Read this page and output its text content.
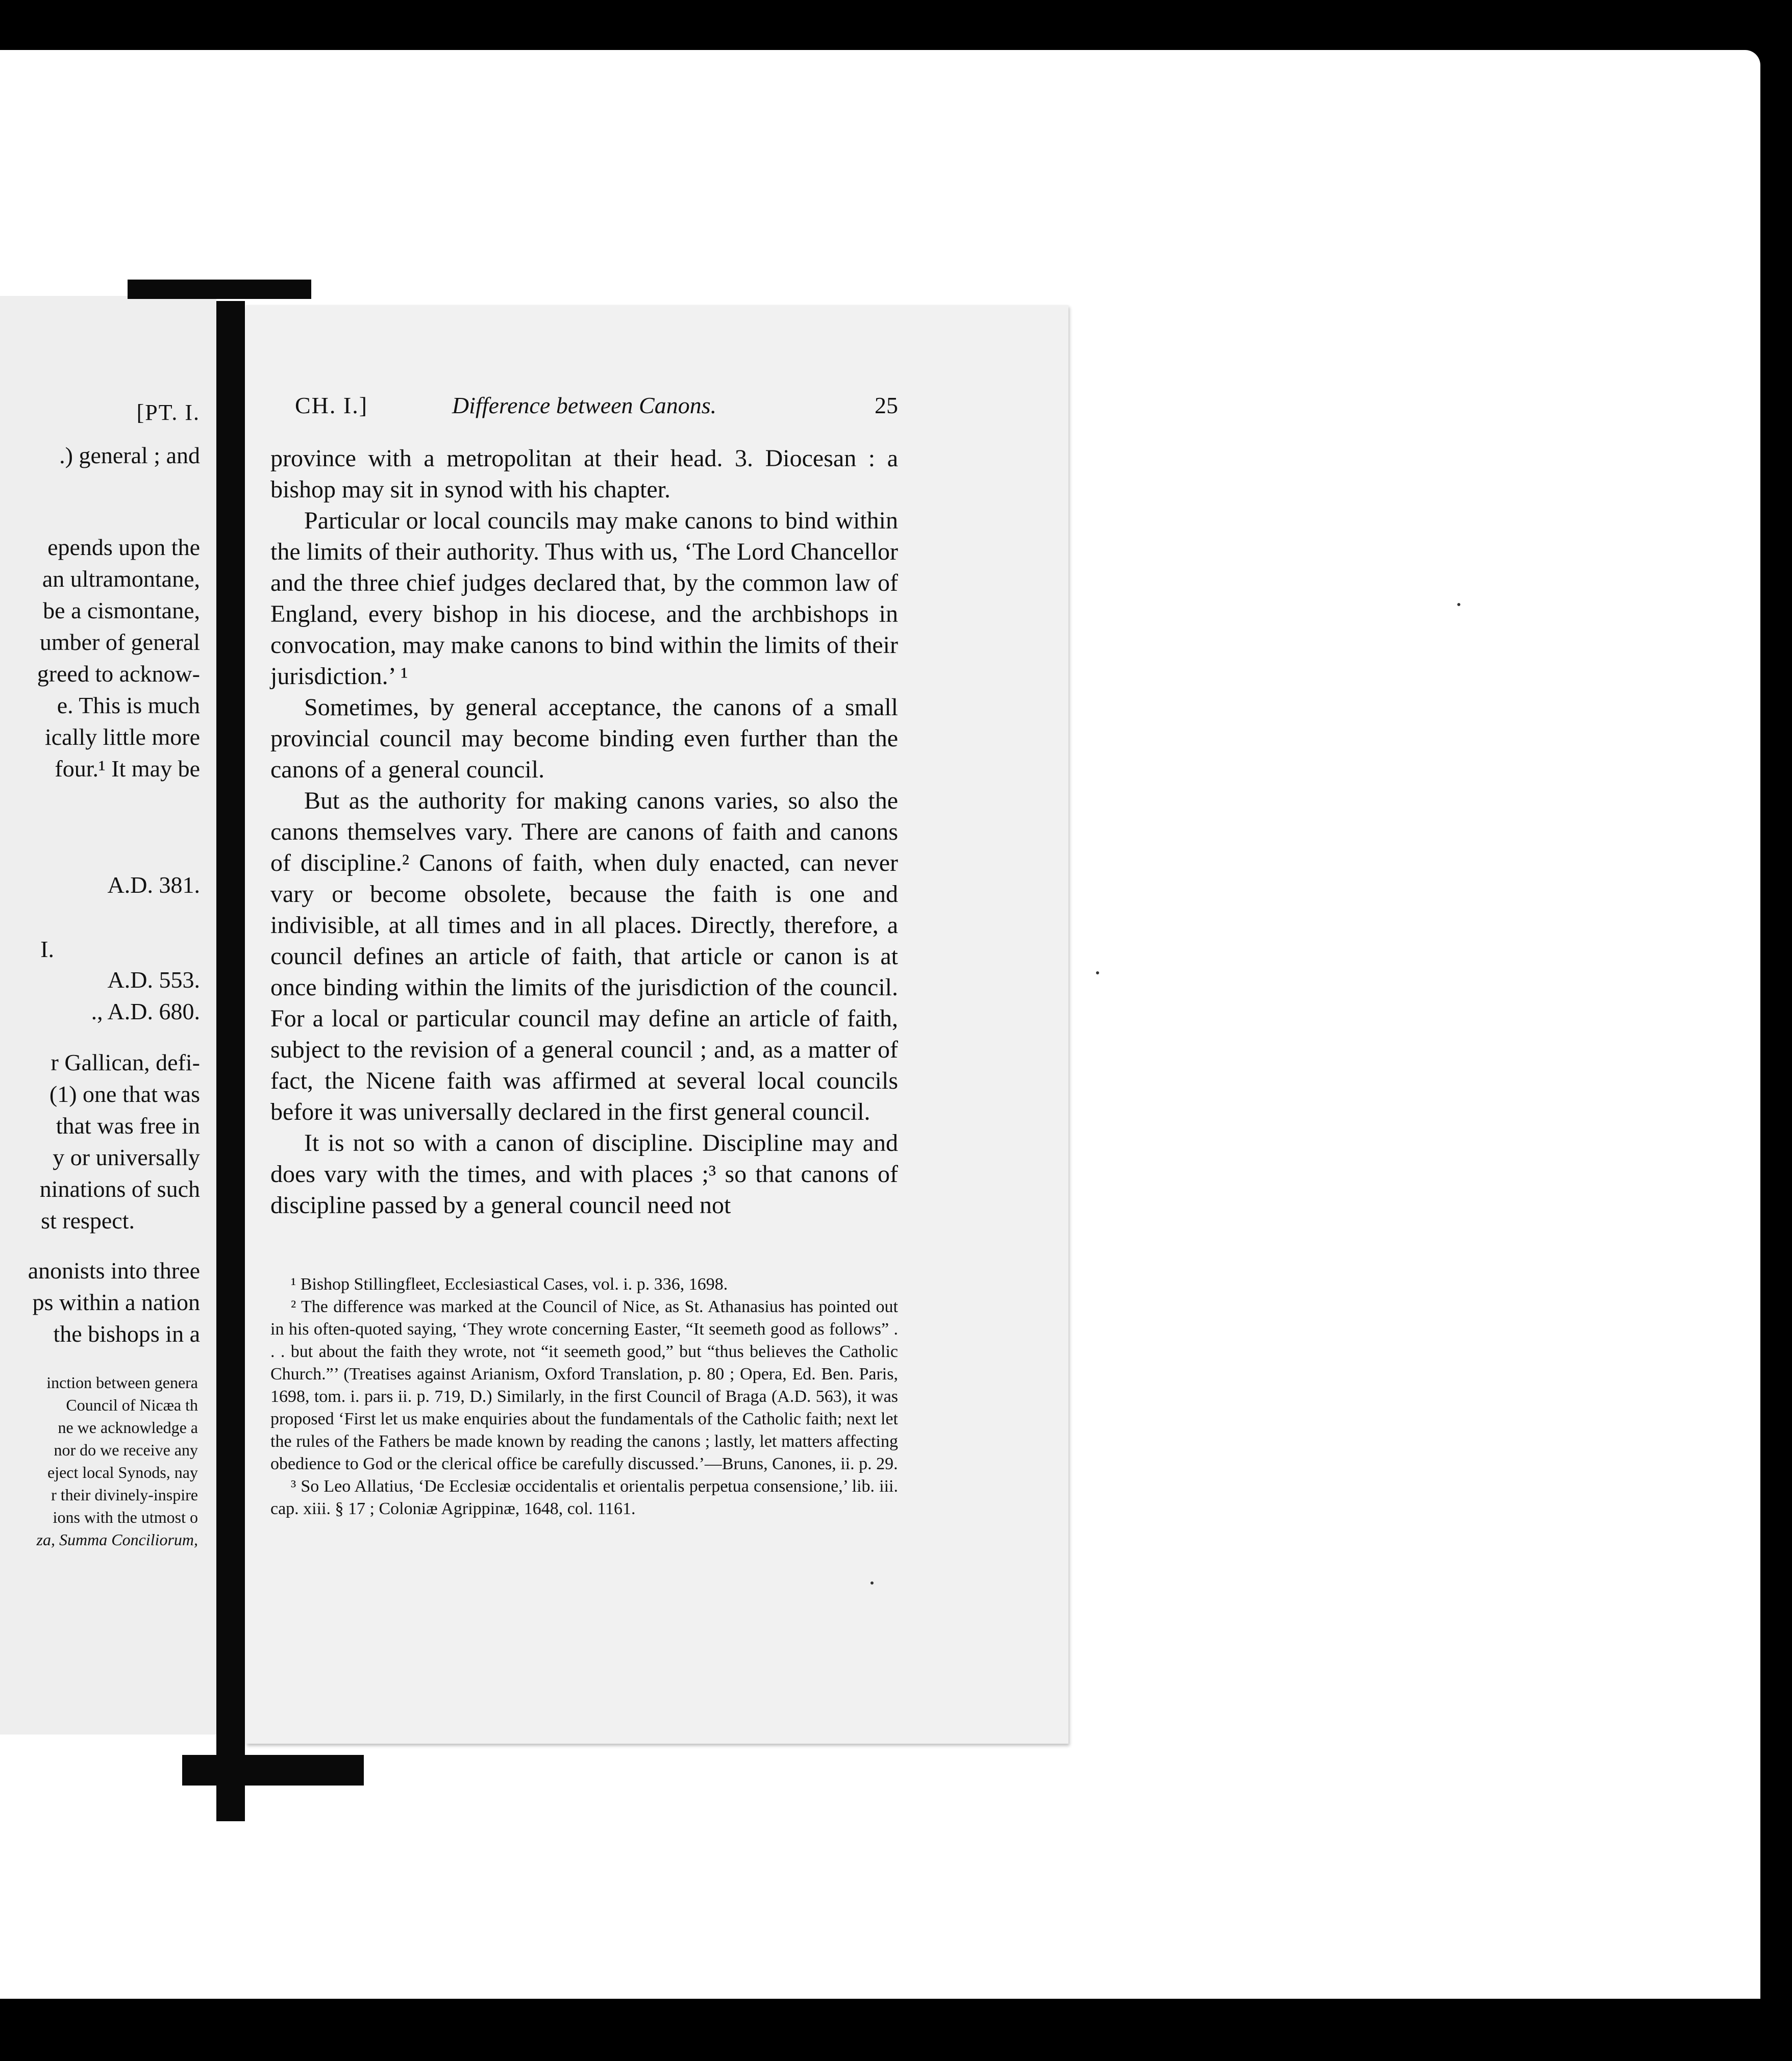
[PT. I.
.) general ; and
epends upon the
an ultramontane,
be a cismontane,
umber of general
greed to acknow-
e. This is much
ically little more
four.¹ It may be
A.D. 381.
I.
A.D. 553.
., A.D. 680.
r Gallican, defi-
(1) one that was
that was free in
y or universally
ninations of such
st respect.
anonists into three
ps within a nation
the bishops in a
inction between genera
Council of Nicæa th
ne we acknowledge a
nor do we receive any
eject local Synods, nay
r their divinely-inspire
ions with the utmost o
za, Summa Conciliorum,
CH. I.]	Difference between Canons.	25

province with a metropolitan at their head. 3. Diocesan : a bishop may sit in synod with his chapter.

Particular or local councils may make canons to bind within the limits of their authority. Thus with us, ‘The Lord Chancellor and the three chief judges declared that, by the common law of England, every bishop in his diocese, and the archbishops in convocation, may make canons to bind within the limits of their jurisdiction.’ ¹

Sometimes, by general acceptance, the canons of a small provincial council may become binding even further than the canons of a general council.

But as the authority for making canons varies, so also the canons themselves vary. There are canons of faith and canons of discipline.² Canons of faith, when duly enacted, can never vary or become obsolete, because the faith is one and indivisible, at all times and in all places. Directly, therefore, a council defines an article of faith, that article or canon is at once binding within the limits of the jurisdiction of the council. For a local or particular council may define an article of faith, subject to the revision of a general council ; and, as a matter of fact, the Nicene faith was affirmed at several local councils before it was universally declared in the first general council.

It is not so with a canon of discipline. Discipline may and does vary with the times, and with places ;³ so that canons of discipline passed by a general council need not

¹ Bishop Stillingfleet, Ecclesiastical Cases, vol. i. p. 336, 1698.

² The difference was marked at the Council of Nice, as St. Athanasius has pointed out in his often-quoted saying, ‘They wrote concerning Easter, “It seemeth good as follows” . . . but about the faith they wrote, not “it seemeth good,” but “thus believes the Catholic Church.”’ (Treatises against Arianism, Oxford Translation, p. 80 ; Opera, Ed. Ben. Paris, 1698, tom. i. pars ii. p. 719, D.) Similarly, in the first Council of Braga (A.D. 563), it was proposed ‘First let us make enquiries about the fundamentals of the Catholic faith; next let the rules of the Fathers be made known by reading the canons ; lastly, let matters affecting obedience to God or the clerical office be carefully discussed.’—Bruns, Canones, ii. p. 29.

³ So Leo Allatius, ‘De Ecclesiæ occidentalis et orientalis perpetua consensione,’ lib. iii. cap. xiii. § 17 ; Coloniæ Agrippinæ, 1648, col. 1161.
